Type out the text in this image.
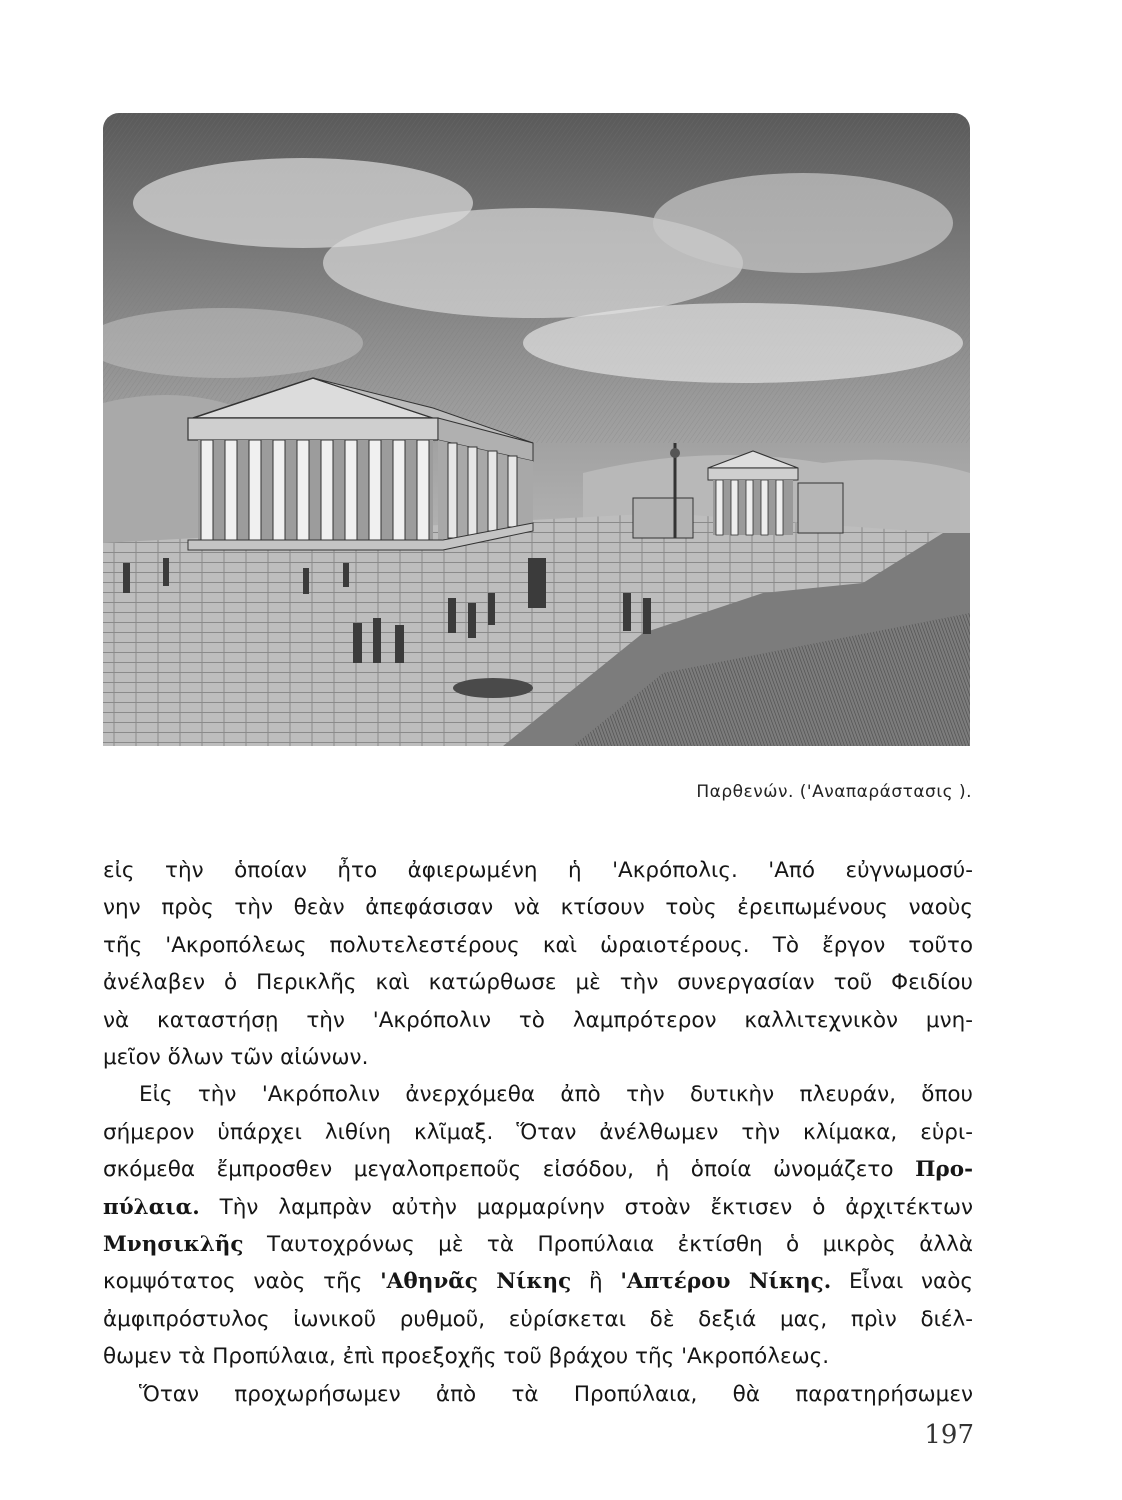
Παρθενών. ('Αναπαράστασις ).

εἰς τὴν ὁποίαν ἦτο ἀφιερωμένη ἡ 'Ακρόπολις. 'Από εὐγνωμοσύ-

νην πρὸς τὴν θεὰν ἀπεφάσισαν νὰ κτίσουν τοὺς ἐρειπωμένους ναοὺς

τῆς 'Ακροπόλεως πολυτελεστέρους καὶ ὡραιοτέρους. Τὸ ἔργον τοῦτο

ἀνέλαβεν ὁ Περικλῆς καὶ κατώρθωσε μὲ τὴν συνεργασίαν τοῦ Φειδίου

νὰ καταστήσῃ τὴν 'Ακρόπολιν τὸ λαμπρότερον καλλιτεχνικὸν μνη-

μεῖον ὅλων τῶν αἰώνων.

Εἰς τὴν 'Ακρόπολιν ἀνερχόμεθα ἀπὸ τὴν δυτικὴν πλευράν, ὅπου

σήμερον ὑπάρχει λιθίνη κλῖμαξ. Ὅταν ἀνέλθωμεν τὴν κλίμακα, εὑρι-

σκόμεθα ἔμπροσθεν μεγαλοπρεποῦς εἰσόδου, ἡ ὁποία ὠνομάζετο Προ-

πύλαια. Τὴν λαμπρὰν αὐτὴν μαρμαρίνην στοὰν ἔκτισεν ὁ ἀρχιτέκτων

Μνησικλῆς Ταυτοχρόνως μὲ τὰ Προπύλαια ἐκτίσθη ὁ μικρὸς ἀλλὰ

κομψότατος ναὸς τῆς 'Αθηνᾶς Νίκης ἢ 'Απτέρου Νίκης. Εἶναι ναὸς

ἀμφιπρόστυλος ἰωνικοῦ ρυθμοῦ, εὑρίσκεται δὲ δεξιά μας, πρὶν διέλ-

θωμεν τὰ Προπύλαια, ἐπὶ προεξοχῆς τοῦ βράχου τῆς 'Ακροπόλεως.

Ὅταν προχωρήσωμεν ἀπὸ τὰ Προπύλαια, θὰ παρατηρήσωμεν

197
